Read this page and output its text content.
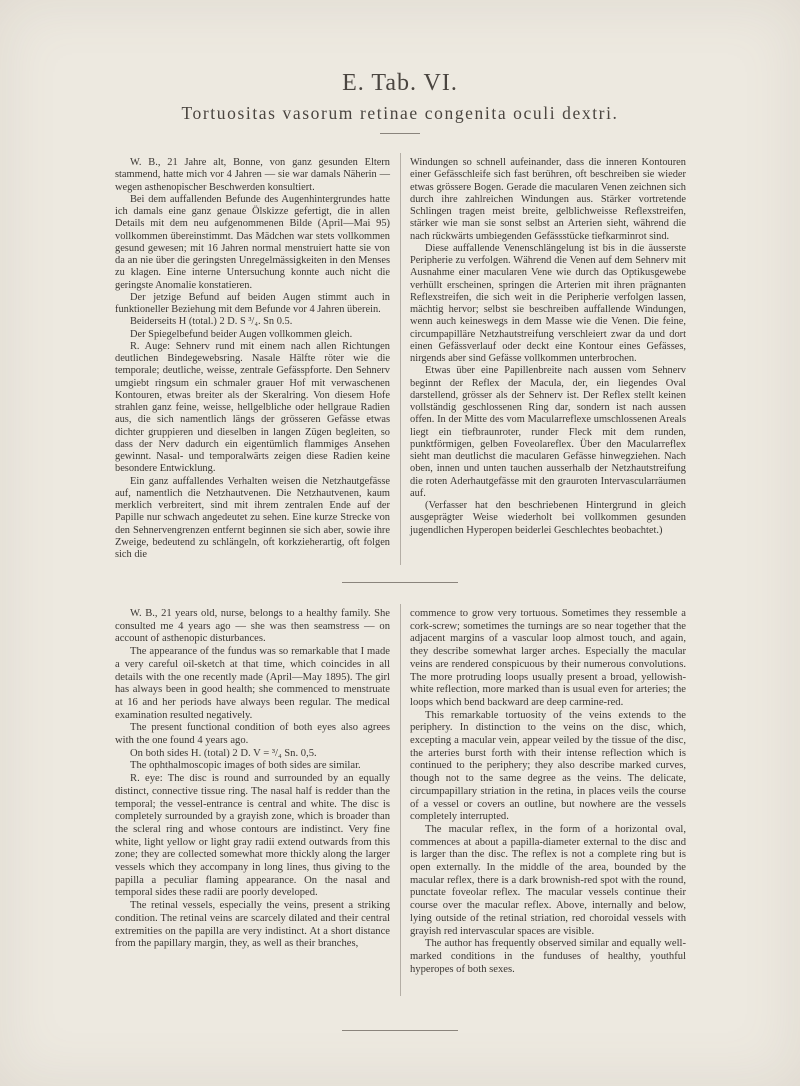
E. Tab. VI.
Tortuositas vasorum retinae congenita oculi dextri.

W. B., 21 Jahre alt, Bonne, von ganz gesunden Eltern stammend, hatte mich vor 4 Jahren — sie war damals Näherin — wegen asthenopischer Beschwerden konsultiert.

Bei dem auffallenden Befunde des Augenhintergrundes hatte ich damals eine ganz genaue Ölskizze gefertigt, die in allen Details mit dem neu aufgenommenen Bilde (April—Mai 95) vollkommen übereinstimmt. Das Mädchen war stets vollkommen gesund gewesen; mit 16 Jahren normal menstruiert hatte sie von da an nie über die geringsten Unregelmässigkeiten in den Menses zu klagen. Eine interne Untersuchung konnte auch nicht die geringste Anomalie konstatieren.

Der jetzige Befund auf beiden Augen stimmt auch in funktioneller Beziehung mit dem Befunde vor 4 Jahren überein.

Beiderseits H (total.) 2 D. S ³/₄. Sn 0.5.

Der Spiegelbefund beider Augen vollkommen gleich.

R. Auge: Sehnerv rund mit einem nach allen Richtungen deutlichen Bindegewebsring. Nasale Hälfte röter wie die temporale; deutliche, weisse, zentrale Gefässpforte. Den Sehnerv umgiebt ringsum ein schmaler grauer Hof mit verwaschenen Kontouren, etwas breiter als der Skeralring. Von diesem Hofe strahlen ganz feine, weisse, hellgelbliche oder hellgraue Radien aus, die sich namentlich längs der grösseren Gefässe etwas dichter gruppieren und dieselben in langen Zügen begleiten, so dass der Nerv dadurch ein eigentümlich flammiges Ansehen gewinnt. Nasal- und temporalwärts zeigen diese Radien keine besondere Entwicklung.

Ein ganz auffallendes Verhalten weisen die Netzhautgefässe auf, namentlich die Netzhautvenen. Die Netzhautvenen, kaum merklich verbreitert, sind mit ihrem zentralen Ende auf der Papille nur schwach angedeutet zu sehen. Eine kurze Strecke von den Sehnervengrenzen entfernt beginnen sie sich aber, sowie ihre Zweige, bedeutend zu schlängeln, oft korkzieherartig, oft folgen sich die

Windungen so schnell aufeinander, dass die inneren Kontouren einer Gefässchleife sich fast berühren, oft beschreiben sie wieder etwas grössere Bogen. Gerade die macularen Venen zeichnen sich durch ihre zahlreichen Windungen aus. Stärker vortretende Schlingen tragen meist breite, gelblichweisse Reflexstreifen, stärker wie man sie sonst selbst an Arterien sieht, während die nach rückwärts umbiegenden Gefässstücke tiefkarminrot sind.

Diese auffallende Venenschlängelung ist bis in die äusserste Peripherie zu verfolgen. Während die Venen auf dem Sehnerv mit Ausnahme einer macularen Vene wie durch das Optikusgewebe verhüllt erscheinen, springen die Arterien mit ihren prägnanten Reflexstreifen, die sich weit in die Peripherie verfolgen lassen, mächtig hervor; selbst sie beschreiben auffallende Windungen, wenn auch keineswegs in dem Masse wie die Venen. Die feine, circumpapilläre Netzhautstreifung verschleiert zwar da und dort einen Gefässverlauf oder deckt eine Kontour eines Gefässes, nirgends aber sind Gefässe vollkommen unterbrochen.

Etwas über eine Papillenbreite nach aussen vom Sehnerv beginnt der Reflex der Macula, der, ein liegendes Oval darstellend, grösser als der Sehnerv ist. Der Reflex stellt keinen vollständig geschlossenen Ring dar, sondern ist nach aussen offen. In der Mitte des vom Macularreflexe umschlossenen Areals liegt ein tiefbraunroter, runder Fleck mit dem runden, punktförmigen, gelben Foveolareflex. Über den Macularreflex sieht man deutlichst die macularen Gefässe hinwegziehen. Nach oben, innen und unten tauchen ausserhalb der Netzhautstreifung die roten Aderhautgefässe mit den grauroten Intervascularräumen auf.

(Verfasser hat den beschriebenen Hintergrund in gleich ausgeprägter Weise wiederholt bei vollkommen gesunden jugendlichen Hyperopen beiderlei Geschlechtes beobachtet.)

W. B., 21 years old, nurse, belongs to a healthy family. She consulted me 4 years ago — she was then seamstress — on account of asthenopic disturbances.

The appearance of the fundus was so remarkable that I made a very careful oil-sketch at that time, which coincides in all details with the one recently made (April—May 1895). The girl has always been in good health; she commenced to menstruate at 16 and her periods have always been regular. The medical examination resulted negatively.

The present functional condition of both eyes also agrees with the one found 4 years ago.

On both sides H. (total) 2 D. V = ³/₄ Sn. 0,5.

The ophthalmoscopic images of both sides are similar.

R. eye: The disc is round and surrounded by an equally distinct, connective tissue ring. The nasal half is redder than the temporal; the vessel-entrance is central and white. The disc is completely surrounded by a grayish zone, which is broader than the scleral ring and whose contours are indistinct. Very fine white, light yellow or light gray radii extend outwards from this zone; they are collected somewhat more thickly along the larger vessels which they accompany in long lines, thus giving to the papilla a peculiar flaming appearance. On the nasal and temporal sides these radii are poorly developed.

The retinal vessels, especially the veins, present a striking condition. The retinal veins are scarcely dilated and their central extremities on the papilla are very indistinct. At a short distance from the papillary margin, they, as well as their branches,

commence to grow very tortuous. Sometimes they ressemble a cork-screw; sometimes the turnings are so near together that the adjacent margins of a vascular loop almost touch, and again, they describe somewhat larger arches. Especially the macular veins are rendered conspicuous by their numerous convolutions. The more protruding loops usually present a broad, yellowish-white reflection, more marked than is usual even for arteries; the loops which bend backward are deep carmine-red.

This remarkable tortuosity of the veins extends to the periphery. In distinction to the veins on the disc, which, excepting a macular vein, appear veiled by the tissue of the disc, the arteries burst forth with their intense reflection which is continued to the periphery; they also describe marked curves, though not to the same degree as the veins. The delicate, circumpapillary striation in the retina, in places veils the course of a vessel or covers an outline, but nowhere are the vessels completely interrupted.

The macular reflex, in the form of a horizontal oval, commences at about a papilla-diameter external to the disc and is larger than the disc. The reflex is not a complete ring but is open externally. In the middle of the area, bounded by the macular reflex, there is a dark brownish-red spot with the round, punctate foveolar reflex. The macular vessels continue their course over the macular reflex. Above, internally and below, lying outside of the retinal striation, red choroidal vessels with grayish red intervascular spaces are visible.

The author has frequently observed similar and equally well-marked conditions in the funduses of healthy, youthful hyperopes of both sexes.
